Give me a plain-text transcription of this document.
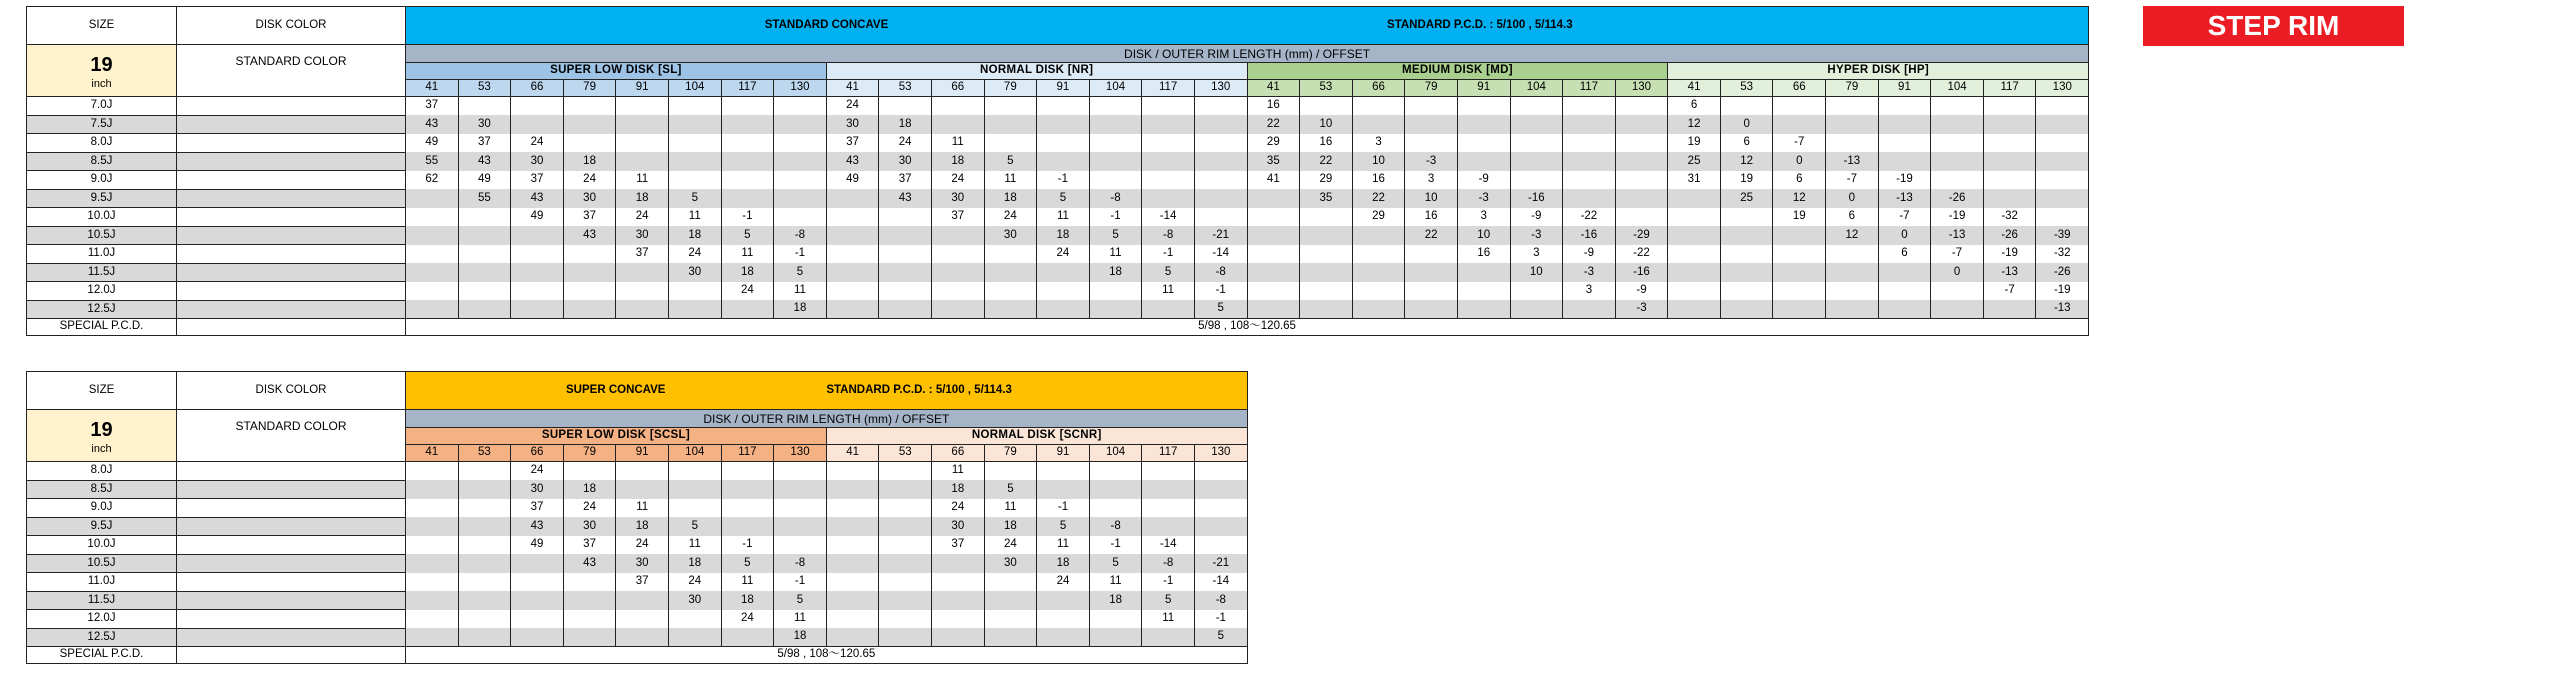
STEP RIM
SIZE	DISK COLOR	STANDARD CONCAVE																STANDARD P.C.D. : 5/100 , 5/114.3															

19
inch	STANDARD COLOR	DISK / OUTER RIM LENGTH (mm) / OFFSET																															
		SUPER LOW DISK [SL]								NORMAL DISK [NR]								MEDIUM DISK [MD]								HYPER DISK [HP]							
		41	53	66	79	91	104	117	130	41	53	66	79	91	104	117	130	41	53	66	79	91	104	117	130	41	53	66	79	91	104	117	130
7.0J		37								24								16								6							
7.5J		43	30							30	18							22	10							12	0						
8.0J		49	37	24						37	24	11						29	16	3						19	6	-7					
8.5J		55	43	30	18					43	30	18	5					35	22	10	-3					25	12	0	-13				
9.0J		62	49	37	24	11				49	37	24	11	-1				41	29	16	3	-9				31	19	6	-7	-19			
9.5J			55	43	30	18	5				43	30	18	5	-8				35	22	10	-3	-16				25	12	0	-13	-26		
10.0J				49	37	24	11	-1				37	24	11	-1	-14				29	16	3	-9	-22				19	6	-7	-19	-32	
10.5J					43	30	18	5	-8				30	18	5	-8	-21				22	10	-3	-16	-29				12	0	-13	-26	-39
11.0J						37	24	11	-1					24	11	-1	-14					16	3	-9	-22					6	-7	-19	-32
11.5J							30	18	5						18	5	-8						10	-3	-16						0	-13	-26
12.0J								24	11							11	-1							3	-9							-7	-19
12.5J									18								5								-3								-13
SPECIAL P.C.D.		5/98 , 108～120.65																															
SIZE	DISK COLOR	SUPER CONCAVE								STANDARD P.C.D. : 5/100 , 5/114.3							

19
inch	STANDARD COLOR	DISK / OUTER RIM LENGTH (mm) / OFFSET															
		SUPER LOW DISK [SCSL]								NORMAL DISK [SCNR]							
		41	53	66	79	91	104	117	130	41	53	66	79	91	104	117	130
8.0J				24								11					
8.5J				30	18							18	5				
9.0J				37	24	11						24	11	-1			
9.5J				43	30	18	5					30	18	5	-8		
10.0J				49	37	24	11	-1				37	24	11	-1	-14	
10.5J					43	30	18	5	-8				30	18	5	-8	-21
11.0J						37	24	11	-1					24	11	-1	-14
11.5J							30	18	5						18	5	-8
12.0J								24	11							11	-1
12.5J									18								5
SPECIAL P.C.D.		5/98 , 108～120.65															
